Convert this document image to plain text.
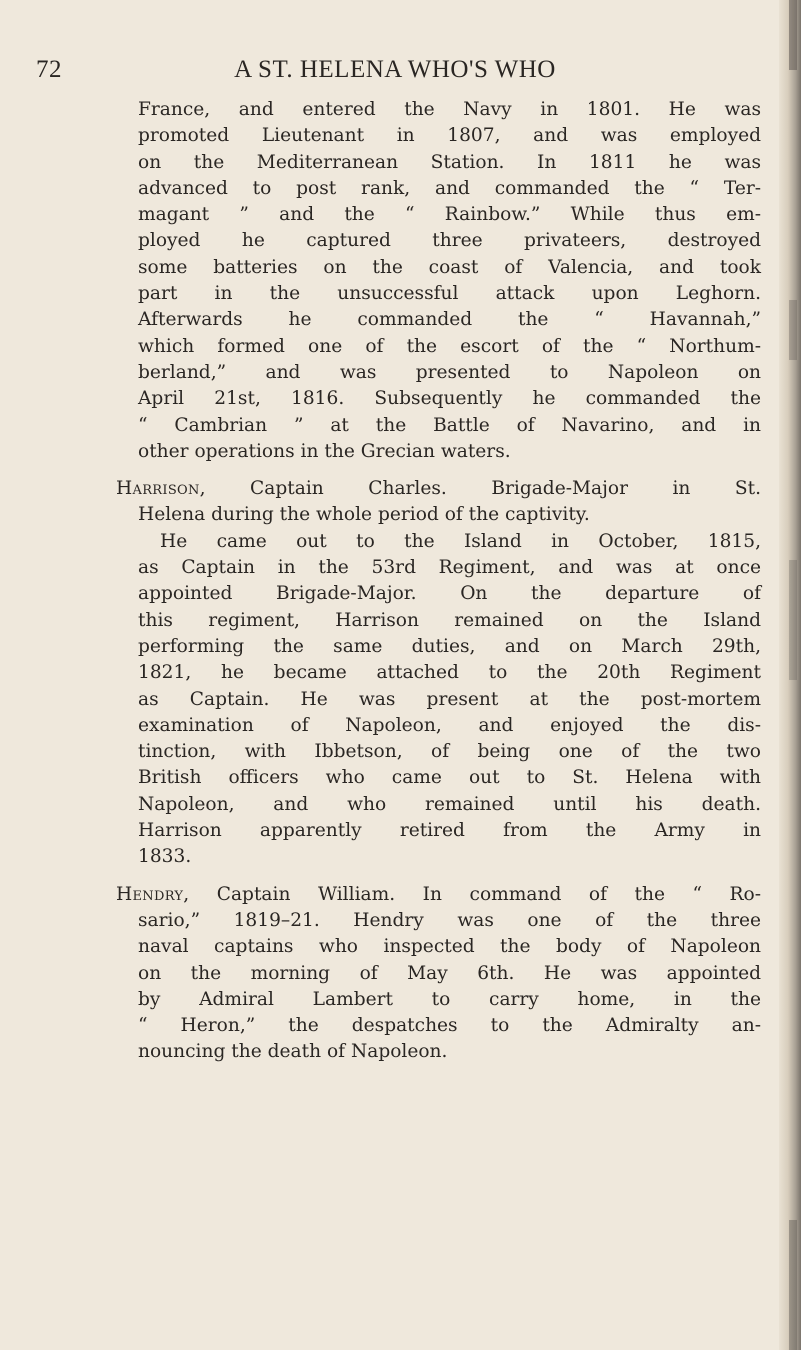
72	A ST. HELENA WHO'S WHO
France, and entered the Navy in 1801. He was
promoted Lieutenant in 1807, and was employed
on the Mediterranean Station. In 1811 he was
advanced to post rank, and commanded the “ Ter-
magant ” and the “ Rainbow.” While thus em-
ployed he captured three privateers, destroyed
some batteries on the coast of Valencia, and took
part in the unsuccessful attack upon Leghorn.
Afterwards he commanded the “ Havannah,”
which formed one of the escort of the “ Northum-
berland,” and was presented to Napoleon on
April 21st, 1816. Subsequently he commanded the
“ Cambrian ” at the Battle of Navarino, and in
other operations in the Grecian waters.
Harrison, Captain Charles. Brigade-Major in St.
Helena during the whole period of the captivity.
He came out to the Island in October, 1815,
as Captain in the 53rd Regiment, and was at once
appointed Brigade-Major. On the departure of
this regiment, Harrison remained on the Island
performing the same duties, and on March 29th,
1821, he became attached to the 20th Regiment
as Captain. He was present at the post-mortem
examination of Napoleon, and enjoyed the dis-
tinction, with Ibbetson, of being one of the two
British officers who came out to St. Helena with
Napoleon, and who remained until his death.
Harrison apparently retired from the Army in
1833.
Hendry, Captain William. In command of the “ Ro-
sario,” 1819–21. Hendry was one of the three
naval captains who inspected the body of Napoleon
on the morning of May 6th. He was appointed
by Admiral Lambert to carry home, in the
“ Heron,” the despatches to the Admiralty an-
nouncing the death of Napoleon.
